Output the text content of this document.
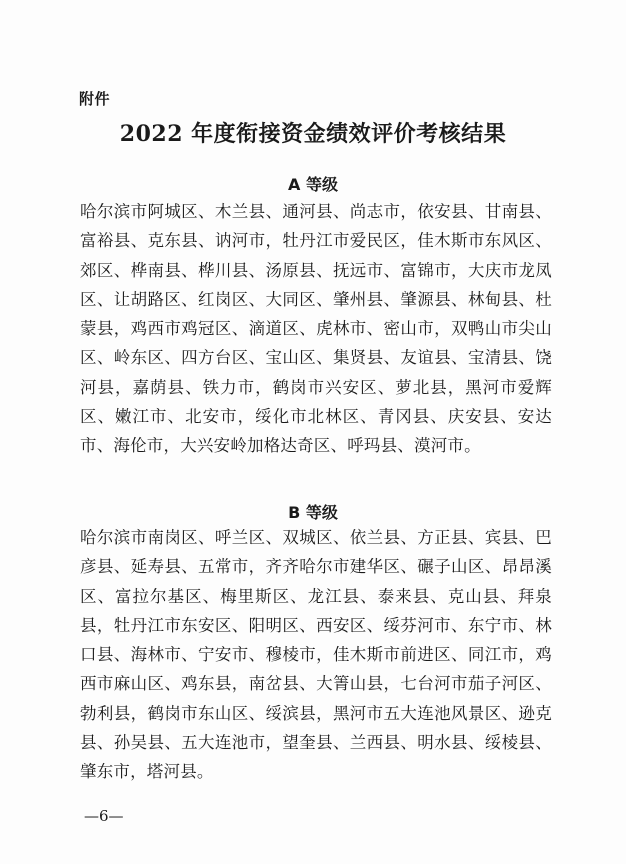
附件
2022 年度衔接资金绩效评价考核结果
A 等级
哈尔滨市阿城区、木兰县、通河县、尚志市，依安县、甘南县、富裕县、克东县、讷河市，牡丹江市爱民区，佳木斯市东风区、郊区、桦南县、桦川县、汤原县、抚远市、富锦市，大庆市龙凤区、让胡路区、红岗区、大同区、肇州县、肇源县、林甸县、杜蒙县，鸡西市鸡冠区、滴道区、虎林市、密山市，双鸭山市尖山区、岭东区、四方台区、宝山区、集贤县、友谊县、宝清县、饶河县，嘉荫县、铁力市，鹤岗市兴安区、萝北县，黑河市爱辉区、嫩江市、北安市，绥化市北林区、青冈县、庆安县、安达市、海伦市，大兴安岭加格达奇区、呼玛县、漠河市。
B 等级
哈尔滨市南岗区、呼兰区、双城区、依兰县、方正县、宾县、巴彦县、延寿县、五常市，齐齐哈尔市建华区、碾子山区、昂昂溪区、富拉尔基区、梅里斯区、龙江县、泰来县、克山县、拜泉县，牡丹江市东安区、阳明区、西安区、绥芬河市、东宁市、林口县、海林市、宁安市、穆棱市，佳木斯市前进区、同江市，鸡西市麻山区、鸡东县，南岔县、大箐山县，七台河市茄子河区、勃利县，鹤岗市东山区、绥滨县，黑河市五大连池风景区、逊克县、孙吴县、五大连池市，望奎县、兰西县、明水县、绥棱县、肇东市，塔河县。
—6—
